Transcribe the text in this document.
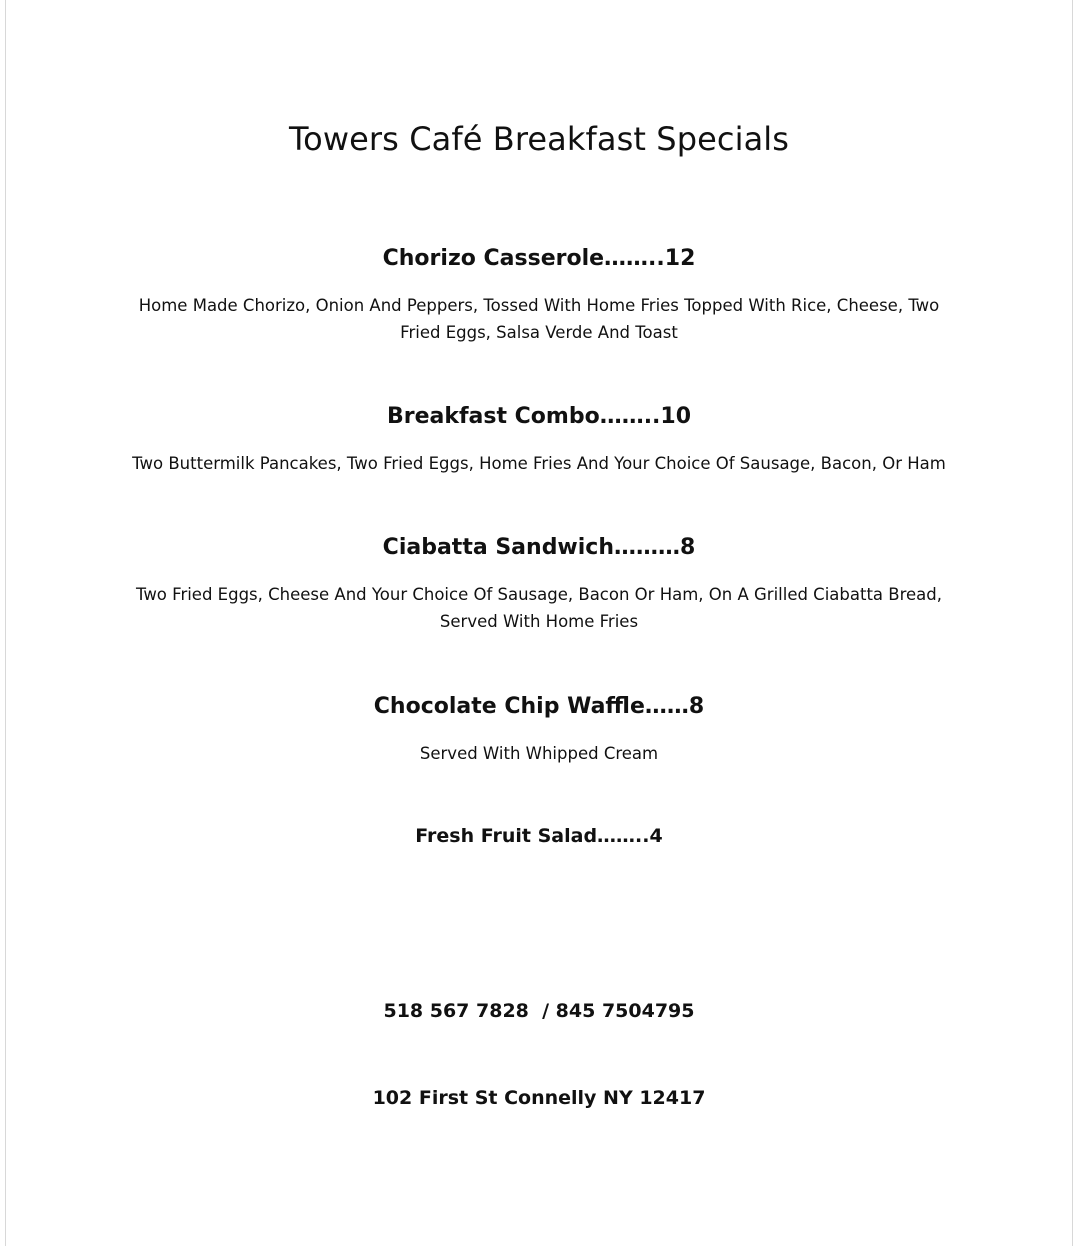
Towers Café Breakfast Specials
Chorizo Casserole……..12
Home Made Chorizo, Onion And Peppers, Tossed With Home Fries Topped With Rice, Cheese, Two Fried Eggs, Salsa Verde And Toast
Breakfast Combo……..10
Two Buttermilk Pancakes, Two Fried Eggs, Home Fries And Your Choice Of Sausage, Bacon, Or Ham
Ciabatta Sandwich………8
Two Fried Eggs, Cheese And Your Choice Of Sausage, Bacon Or Ham, On A Grilled Ciabatta Bread, Served With Home Fries
Chocolate Chip Waffle……8
Served With Whipped Cream
Fresh Fruit Salad……..4
518 567 7828  / 845 7504795
102 First St Connelly NY 12417
